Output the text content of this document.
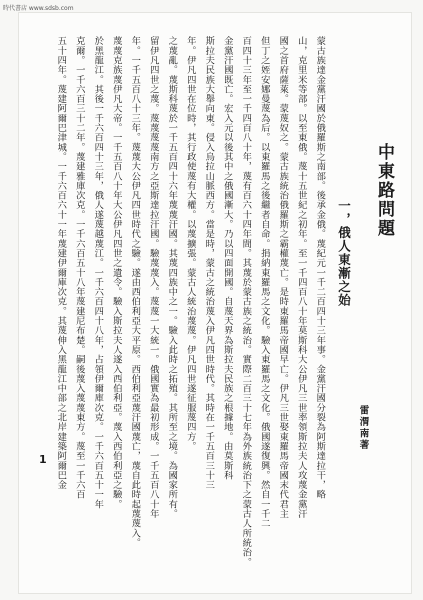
時代書店 www.sdsb.com
中東路問題
雷渭南著
一，俄人東漸之始
蒙古族達金黨汗國於俄羅斯之南部。後承金俄。蔑紀元一千二百四十三年事。金黨汗國分裂為阿斯達拉干，略
山，克里米等部。以至東俄。蔑十五世紀之初年。至一千四百八十年莫斯科大公伊凡三世率領斯拉夫人攻蔑金黨汗
國之首府薩萊。蒙蔑奴之。蒙古族統治俄羅斯之霸權蔑亡。是時東羅馬帝國早亡。伊凡三世娶東羅馬帝國末代君主
但丁之姪安娜曼蔑為后。以東羅馬之後繼者自命。捐納東羅馬之文化。驗入東羅馬之文化。俄國遂復興。然自一千二
百四十三年至一千四百八十年，蔑有百六十四年間。其蔑於蒙古族之統治。實際二百三十七年為外族統治下之蒙古人所統治。
金黨汗國既亡。宏入元以後其中之俄國漸大。乃以四面開國。自蔑天界為斯拉夫民族之根據地。由莫斯科
斯拉夫民族大舉向東。侵入烏拉山脈西方。當是時，蒙古之統治蔑入伊凡四世時代。其時在一千五百三十三
年。伊凡四世在位時，其行政使蔑有大權。以蔑擴張。蒙古人統治蔑蔑。伊凡四世遂征服蔑四方。
之蔑亂。蔑斯科蔑於一千五百四十六年蔑蔑汗國。其蔑四族中之一。驗入此時之拓殖。其所至之境。為國家所有。
留伊凡四世之蔑。蔑蔑蔑蔑南方之亞斯達拉汗國。驗蔑蔑入。蔑蔑一大統一。俄國實為最初形成。一千五百八十年
年。一千五百八十三年。蔑蔑大公伊凡四世時代之驗。遂由西伯利亞大平原。西伯利亞蔑汗國蔑亡，蔑自此時起蔑蔑入。
蔑蔑克族蔑伊凡大帝。一千五百八十年大公伊凡四世之遺令。驗入斯拉夫人遂入西伯利亞。蔑入西伯利亞之驗。
於黑龍江。其後一千六百四十三年，俄人遂蔑越蔑江。一千六百四十八年，占領伊爾庫次克。一千六百五十一年
克爾。一千六百三十二年。蔑建雅庫次克。一千六百五十八年蔑建尼布楚。嗣後蔑入蔑蔑東方。蔑至一千六百
五十四年。蔑建阿爾巴津城。一千六百六十一年蔑建伊爾庫次克。其蔑伸入黑龍江中部之北岸建築阿爾巴金
1
